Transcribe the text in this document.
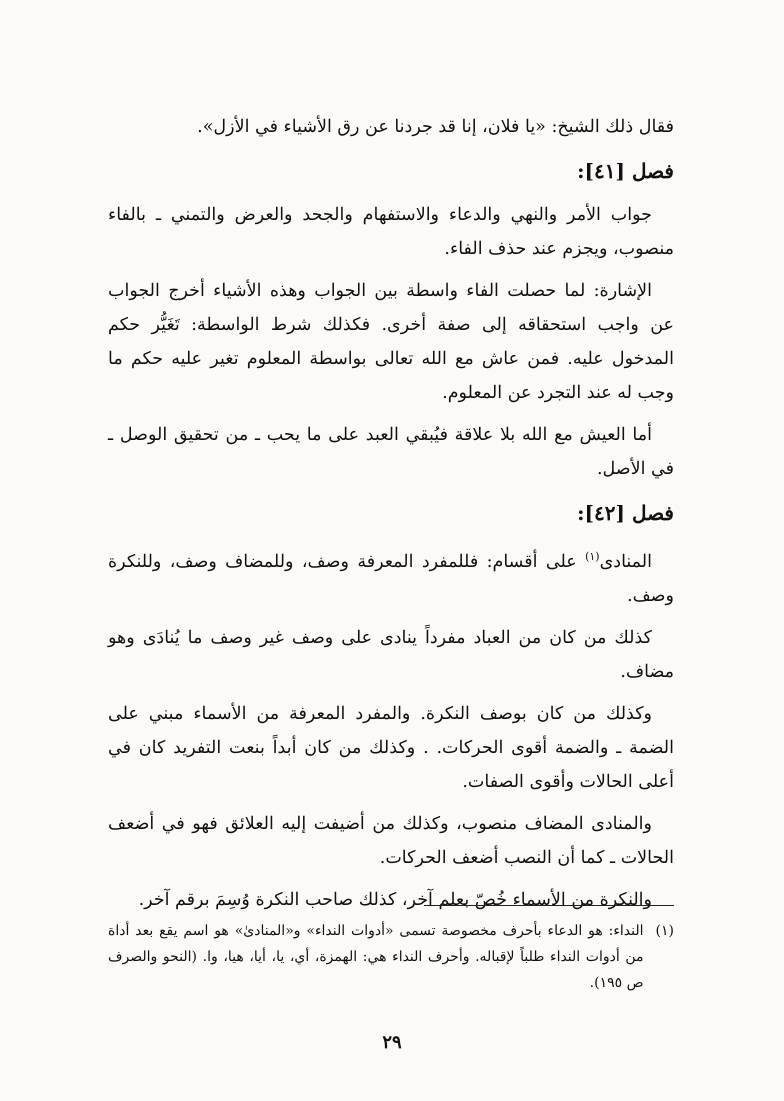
فقال ذلك الشيخ: «يا فلان، إنا قد جردنا عن رق الأشياء في الأزل».

فصل [٤١]:

جواب الأمر والنهي والدعاء والاستفهام والجحد والعرض والتمني ـ بالفاء منصوب، ويجزم عند حذف الفاء.

الإشارة: لما حصلت الفاء واسطة بين الجواب وهذه الأشياء أخرج الجواب عن واجب استحقاقه إلى صفة أخرى. فكذلك شرط الواسطة: تَغَيُّر حكم المدخول عليه. فمن عاش مع الله تعالى بواسطة المعلوم تغير عليه حكم ما وجب له عند التجرد عن المعلوم.

أما العيش مع الله بلا علاقة فيُبقي العبد على ما يحب ـ من تحقيق الوصل ـ في الأصل.

فصل [٤٢]:

المنادى$^{(١)}$ على أقسام: فللمفرد المعرفة وصف، وللمضاف وصف، وللنكرة وصف.

كذلك من كان من العباد مفرداً ينادى على وصف غير وصف ما يُنادَى وهو مضاف.

وكذلك من كان بوصف النكرة. والمفرد المعرفة من الأسماء مبني على الضمة ـ والضمة أقوى الحركات. . وكذلك من كان أبداً بنعت التفريد كان في أعلى الحالات وأقوى الصفات.

والمنادى المضاف منصوب، وكذلك من أضيفت إليه العلائق فهو في أضعف الحالات ـ كما أن النصب أضعف الحركات.

والنكرة من الأسماء خُصّ بعلم آخر، كذلك صاحب النكرة وُسِمَ برقم آخر.

(١)
النداء: هو الدعاء بأحرف مخصوصة تسمى «أدوات النداء» و«المنادىٰ» هو اسم يقع بعد أداة من أدوات النداء طلباً لإقباله. وأحرف النداء هي: الهمزة، أي، يا، أيا، هيا، وا. (النحو والصرف ص ١٩٥).
٢٩
